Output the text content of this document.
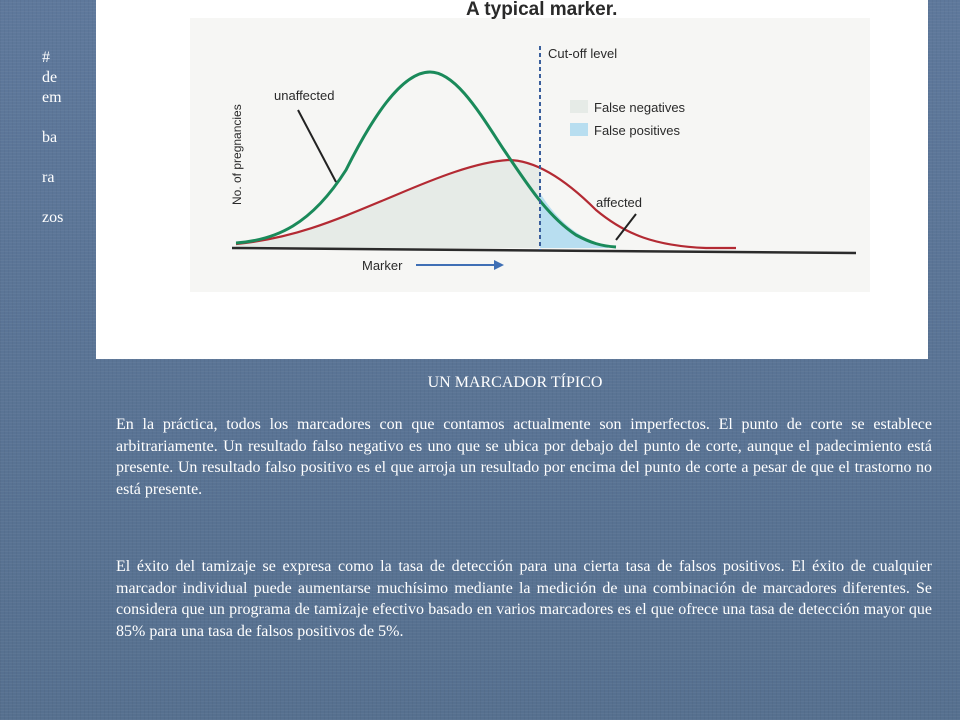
#
de
em
ba
ra
zos
A typical marker.
Cut-off level
False negatives
False positives
No. of pregnancies
unaffected
affected
Marker
UN MARCADOR TÍPICO

En la práctica, todos los marcadores con que contamos actualmente son imperfectos. El punto de corte se establece arbitrariamente. Un resultado falso negativo es uno que se ubica por debajo del punto de corte, aunque el padecimiento está presente. Un resultado falso positivo es el que arroja un resultado por encima del punto de corte a pesar de que el trastorno no está presente.

El éxito del tamizaje se expresa como la tasa de detección para una cierta tasa de falsos positivos. El éxito de cualquier marcador individual puede aumentarse muchísimo mediante la medición de una combinación de marcadores diferentes. Se considera que un programa de tamizaje efectivo basado en varios marcadores es el que ofrece una tasa de detección mayor que 85% para una tasa de falsos positivos de 5%.
